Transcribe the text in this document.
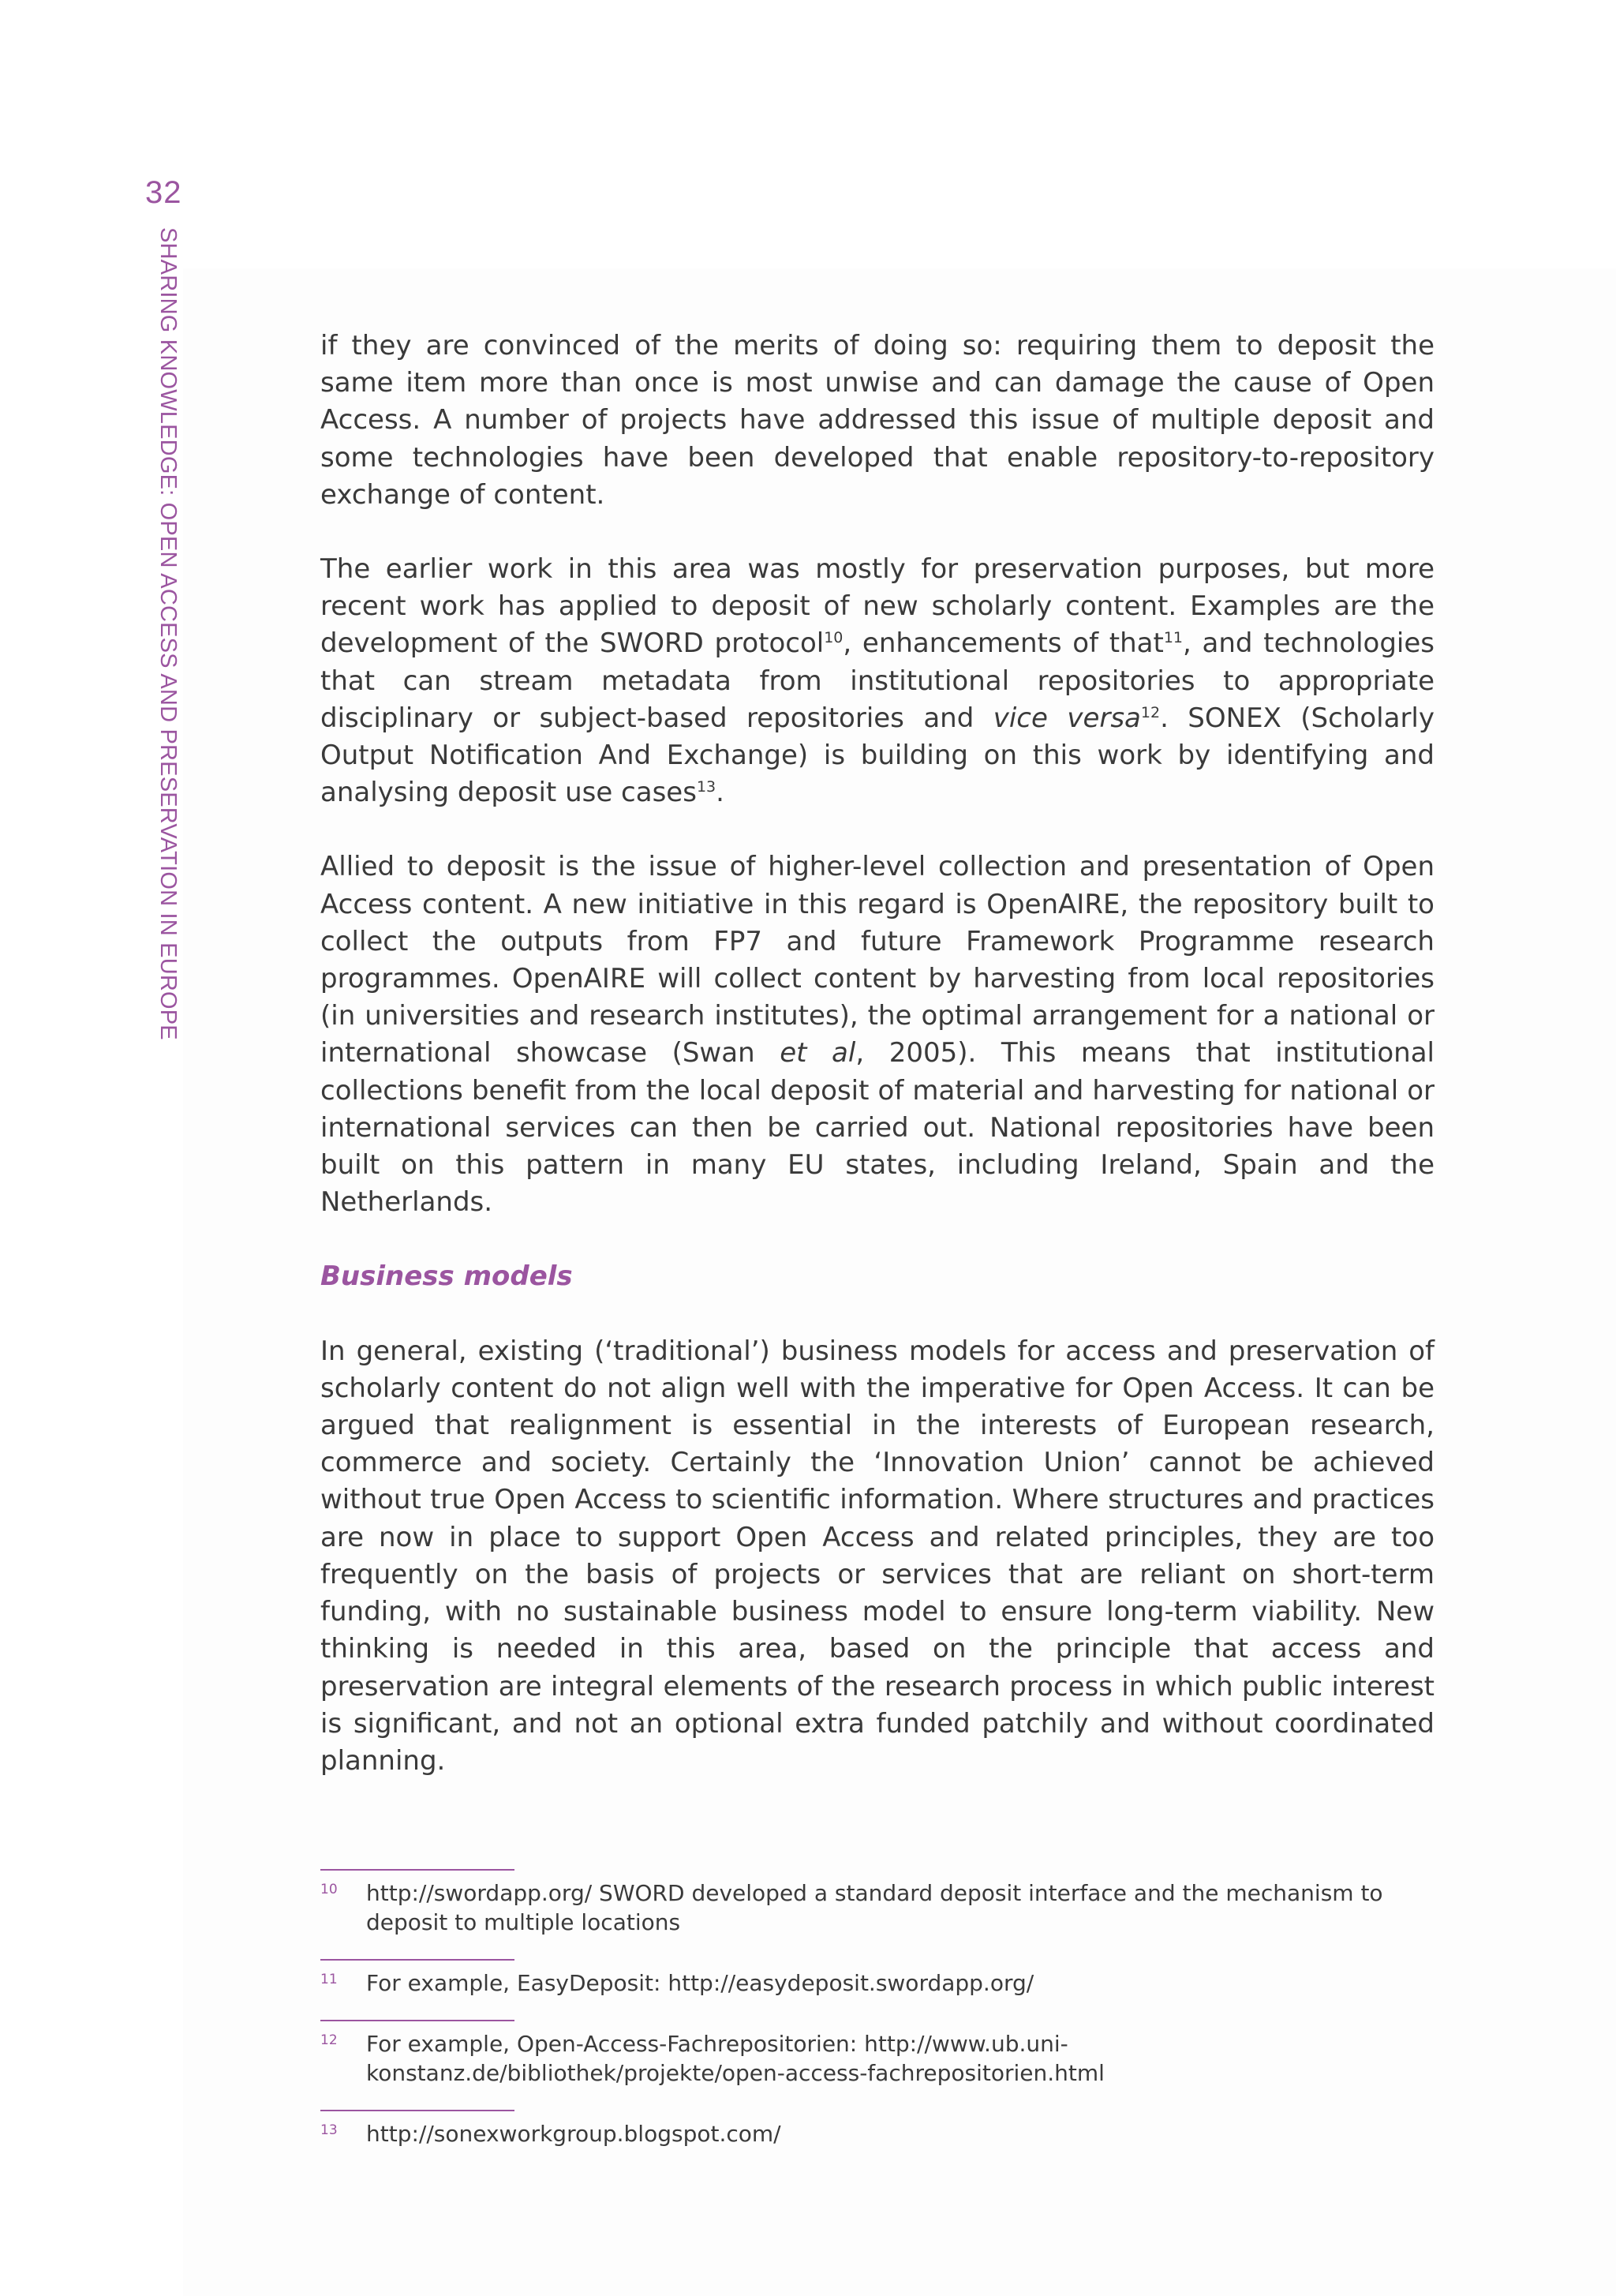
32
SHARING KNOWLEDGE: OPEN ACCESS AND PRESERVATION IN EUROPE	if they are convinced of the merits of doing so: requiring them to deposit the same item more than once is most unwise and can damage the cause of Open Access. A number of projects have addressed this issue of multiple deposit and some technologies have been developed that enable repository-to-repository exchange of content.

The earlier work in this area was mostly for preservation purposes, but more recent work has applied to deposit of new scholarly content. Examples are the development of the SWORD protocol$^{10}$, enhancements of that$^{11}$, and technologies that can stream metadata from institutional repositories to appropriate disciplinary or subject-based repositories and vice versa$^{12}$. SONEX (Scholarly Output Notification And Exchange) is building on this work by identifying and analysing deposit use cases$^{13}$.

Allied to deposit is the issue of higher-level collection and presentation of Open Access content. A new initiative in this regard is OpenAIRE, the repository built to collect the outputs from FP7 and future Framework Programme research programmes. OpenAIRE will collect content by harvesting from local repositories (in universities and research institutes), the optimal arrangement for a national or international showcase (Swan et al, 2005). This means that institutional collections benefit from the local deposit of material and harvesting for national or international services can then be carried out. National repositories have been built on this pattern in many EU states, including Ireland, Spain and the Netherlands.

Business models

In general, existing (‘traditional’) business models for access and preservation of scholarly content do not align well with the imperative for Open Access. It can be argued that realignment is essential in the interests of European research, commerce and society. Certainly the ‘Innovation Union’ cannot be achieved without true Open Access to scientific information. Where structures and practices are now in place to support Open Access and related principles, they are too frequently on the basis of projects or services that are reliant on short-term funding, with no sustainable business model to ensure long-term viability. New thinking is needed in this area, based on the principle that access and preservation are integral elements of the research process in which public interest is significant, and not an optional extra funded patchily and without coordinated planning.

10	http://swordapp.org/ SWORD developed a standard deposit interface and the mechanism to deposit to multiple locations
11	For example, EasyDeposit: http://easydeposit.swordapp.org/
12	For example, Open-Access-Fachrepositorien: http://www.ub.uni-konstanz.de/bibliothek/projekte/open-access-fachrepositorien.html
13	http://sonexworkgroup.blogspot.com/
